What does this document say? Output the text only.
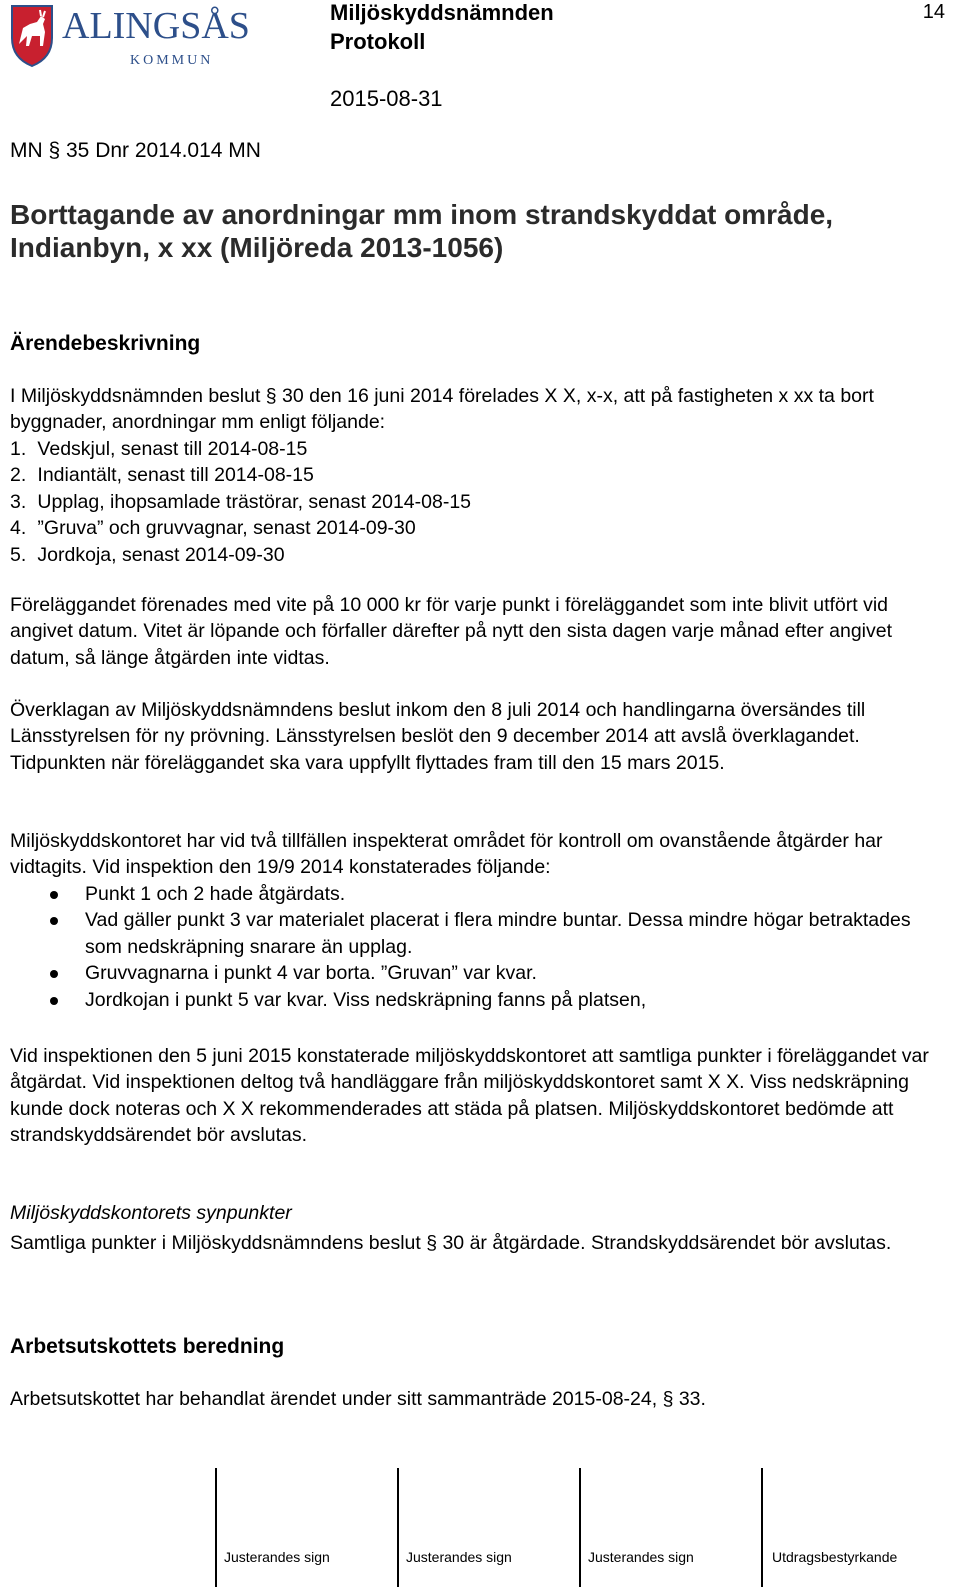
ALINGSÅS
KOMMUN
Miljöskyddsnämnden
Protokoll
14
2015-08-31
MN § 35 Dnr 2014.014 MN
Borttagande av anordningar mm inom strandskyddat område, Indianbyn, x xx (Miljöreda 2013-1056)
Ärendebeskrivning

I Miljöskyddsnämnden beslut § 30 den 16 juni 2014 förelades X X, x-x, att på fastigheten x xx ta bort byggnader, anordningar mm enligt följande:

1. Vedskjul, senast till 2014-08-15
2. Indiantält, senast till 2014-08-15
3. Upplag, ihopsamlade trästörar, senast 2014-08-15
4. ”Gruva” och gruvvagnar, senast 2014-09-30
5. Jordkoja, senast 2014-09-30

Föreläggandet förenades med vite på 10 000 kr för varje punkt i föreläggandet som inte blivit utfört vid angivet datum. Vitet är löpande och förfaller därefter på nytt den sista dagen varje månad efter angivet datum, så länge åtgärden inte vidtas.

Överklagan av Miljöskyddsnämndens beslut inkom den 8 juli 2014 och handlingarna översändes till Länsstyrelsen för ny prövning. Länsstyrelsen beslöt den 9 december 2014 att avslå överklagandet. Tidpunkten när föreläggandet ska vara uppfyllt flyttades fram till den 15 mars 2015.

Miljöskyddskontoret har vid två tillfällen inspekterat området för kontroll om ovanstående åtgärder har vidtagits. Vid inspektion den 19/9 2014 konstaterades följande:

Punkt 1 och 2 hade åtgärdats.
Vad gäller punkt 3 var materialet placerat i flera mindre buntar. Dessa mindre högar betraktades som nedskräpning snarare än upplag.
Gruvvagnarna i punkt 4 var borta. ”Gruvan” var kvar.
Jordkojan i punkt 5 var kvar. Viss nedskräpning fanns på platsen,

Vid inspektionen den 5 juni 2015 konstaterade miljöskyddskontoret att samtliga punkter i föreläggandet var åtgärdat. Vid inspektionen deltog två handläggare från miljöskyddskontoret samt X X. Viss nedskräpning kunde dock noteras och X X rekommenderades att städa på platsen. Miljöskyddskontoret bedömde att strandskyddsärendet bör avslutas.

Miljöskyddskontorets synpunkter

Samtliga punkter i Miljöskyddsnämndens beslut § 30 är åtgärdade. Strandskyddsärendet bör avslutas.

Arbetsutskottets beredning

Arbetsutskottet har behandlat ärendet under sitt sammanträde 2015-08-24, § 33.

Justerandes sign	Justerandes sign	Justerandes sign	Utdragsbestyrkande
